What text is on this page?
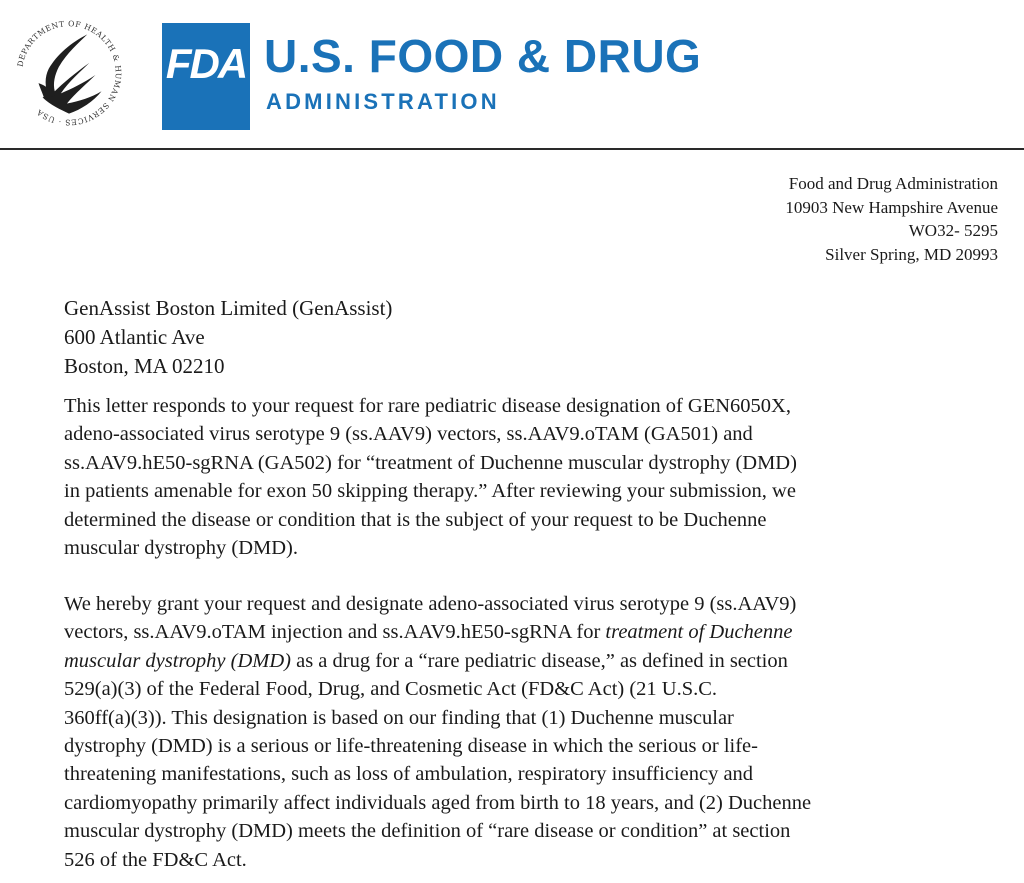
DEPARTMENT OF HEALTH & HUMAN SERVICES · USA
FDA U.S. FOOD & DRUG
ADMINISTRATION
Food and Drug Administration
10903 New Hampshire Avenue
WO32- 5295
Silver Spring, MD 20993
GenAssist Boston Limited (GenAssist)
600 Atlantic Ave
Boston, MA 02210
This letter responds to your request for rare pediatric disease designation of GEN6050X,
adeno-associated virus serotype 9 (ss.AAV9) vectors, ss.AAV9.oTAM (GA501) and
ss.AAV9.hE50-sgRNA (GA502) for “treatment of Duchenne muscular dystrophy (DMD)
in patients amenable for exon 50 skipping therapy.” After reviewing your submission, we
determined the disease or condition that is the subject of your request to be Duchenne
muscular dystrophy (DMD).
We hereby grant your request and designate adeno-associated virus serotype 9 (ss.AAV9)
vectors, ss.AAV9.oTAM injection and ss.AAV9.hE50-sgRNA for treatment of Duchenne
muscular dystrophy (DMD) as a drug for a “rare pediatric disease,” as defined in section
529(a)(3) of the Federal Food, Drug, and Cosmetic Act (FD&C Act) (21 U.S.C.
360ff(a)(3)). This designation is based on our finding that (1) Duchenne muscular
dystrophy (DMD) is a serious or life-threatening disease in which the serious or life-
threatening manifestations, such as loss of ambulation, respiratory insufficiency and
cardiomyopathy primarily affect individuals aged from birth to 18 years, and (2) Duchenne
muscular dystrophy (DMD) meets the definition of “rare disease or condition” at section
526 of the FD&C Act.
